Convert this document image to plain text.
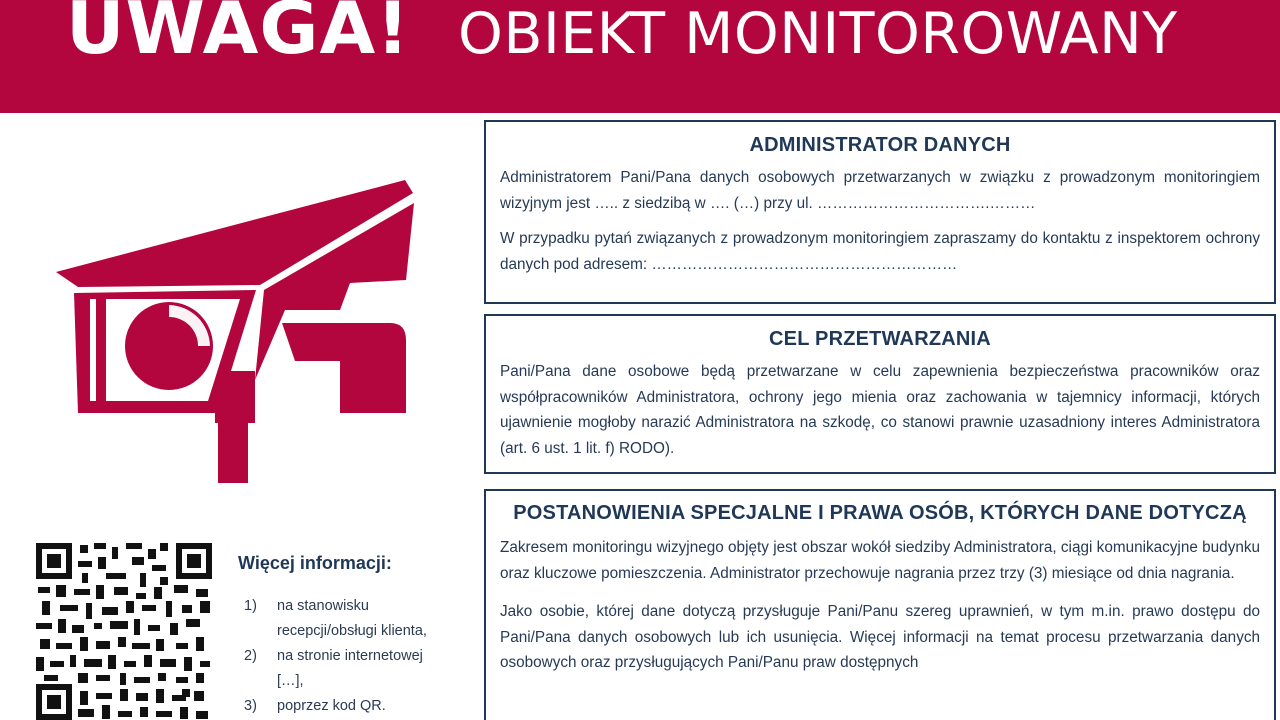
UWAGA! OBIEKT MONITOROWANY
Więcej informacji:
1) na stanowisku
recepcji/obsługi klienta,
2) na stronie internetowej
[…],
3) poprzez kod QR.
ADMINISTRATOR DANYCH

Administratorem Pani/Pana danych osobowych przetwarzanych w związku z prowadzonym monitoringiem wizyjnym jest ….. z siedzibą w …. (…) przy ul. …………………………….………

W przypadku pytań związanych z prowadzonym monitoringiem zapraszamy do kontaktu z inspektorem ochrony danych pod adresem: ……………………………………………………

CEL PRZETWARZANIA

Pani/Pana dane osobowe będą przetwarzane w celu zapewnienia bezpieczeństwa pracowników oraz współpracowników Administratora, ochrony jego mienia oraz zachowania w tajemnicy informacji, których ujawnienie mogłoby narazić Administratora na szkodę, co stanowi prawnie uzasadniony interes Administratora (art. 6 ust. 1 lit. f) RODO).

POSTANOWIENIA SPECJALNE I PRAWA OSÓB, KTÓRYCH DANE DOTYCZĄ

Zakresem monitoringu wizyjnego objęty jest obszar wokół siedziby Administratora, ciągi komunikacyjne budynku oraz kluczowe pomieszczenia. Administrator przechowuje nagrania przez trzy (3) miesiące od dnia nagrania.

Jako osobie, której dane dotyczą przysługuje Pani/Panu szereg uprawnień, w tym m.in. prawo dostępu do Pani/Pana danych osobowych lub ich usunięcia. Więcej informacji na temat procesu przetwarzania danych osobowych oraz przysługujących Pani/Panu praw dostępnych
